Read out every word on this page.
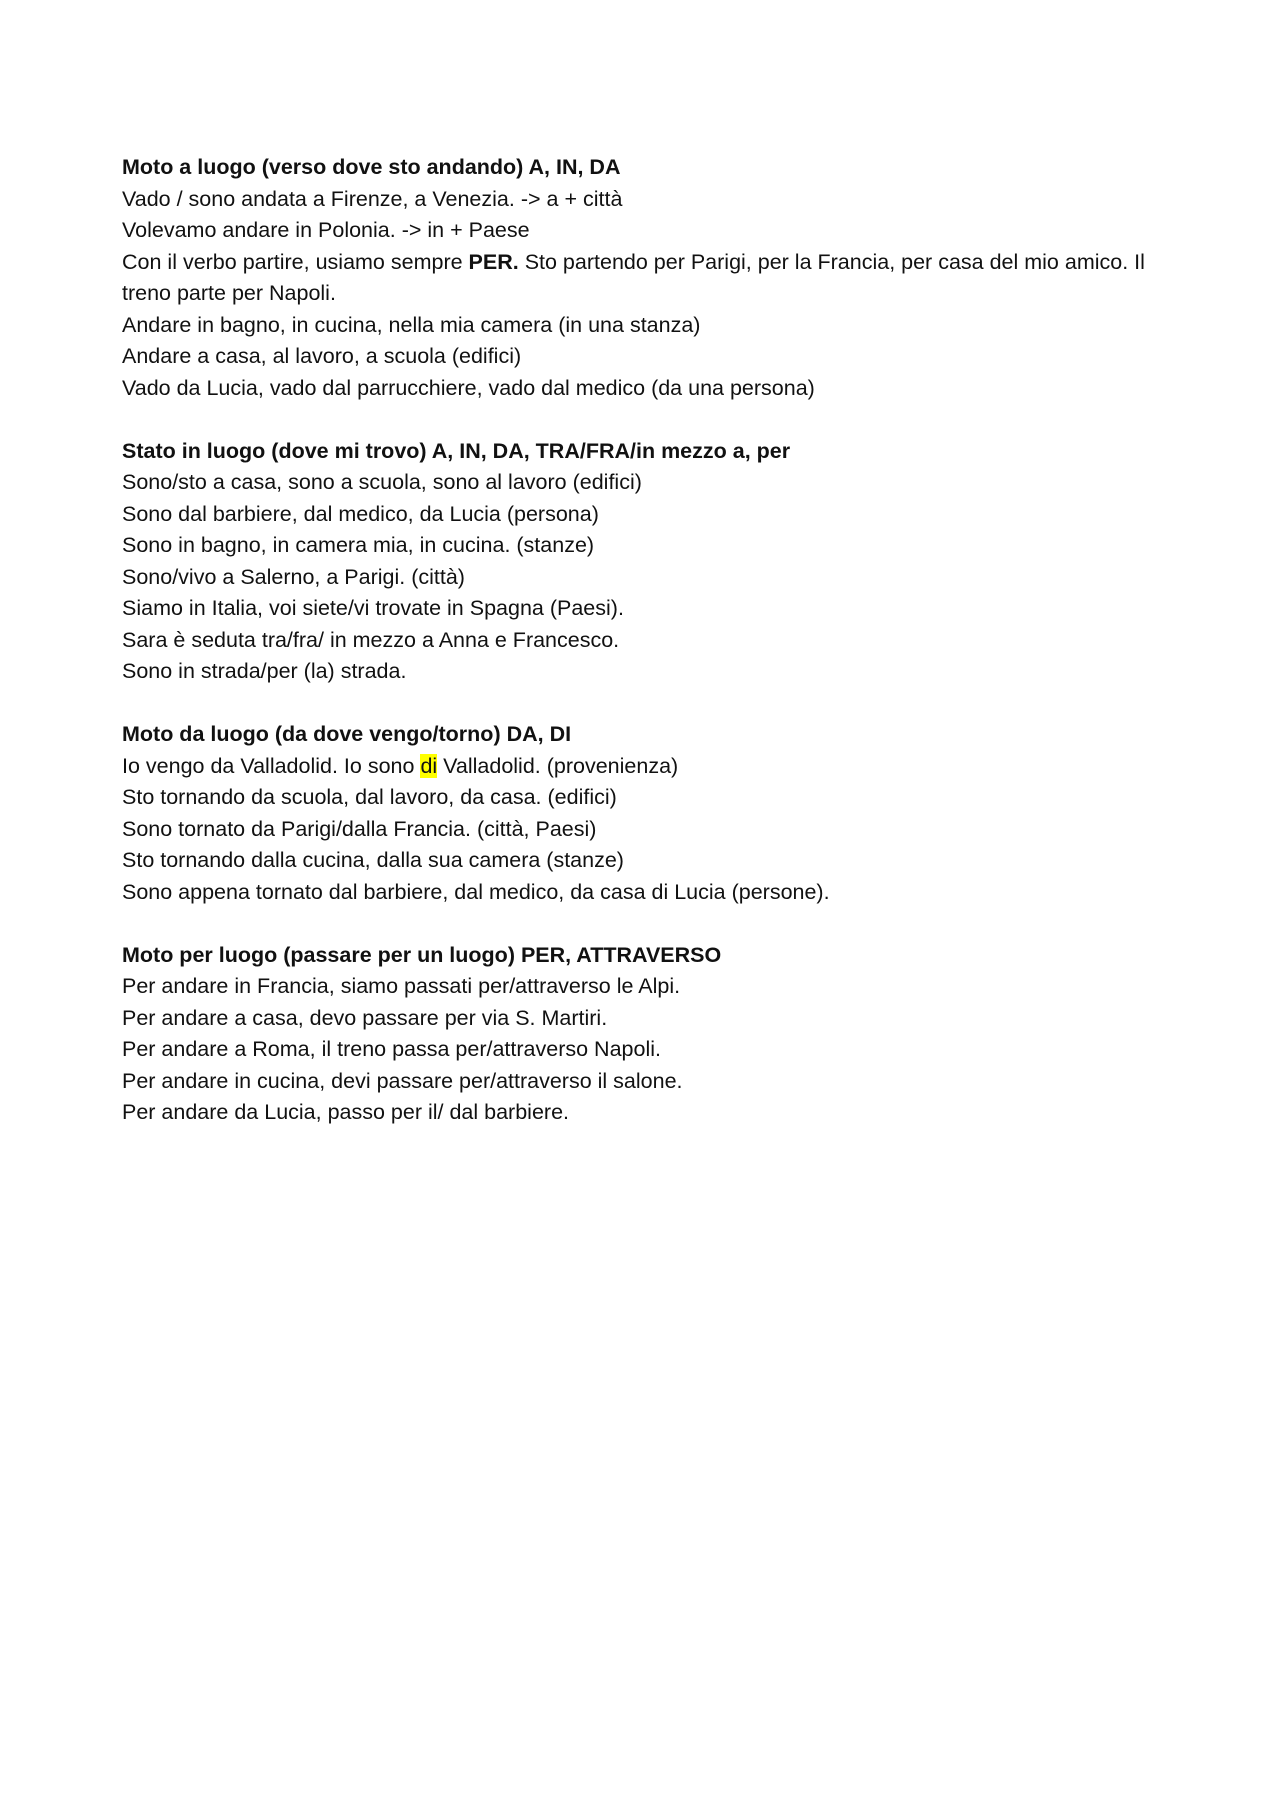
Moto a luogo (verso dove sto andando) A, IN, DA

Vado / sono andata a Firenze, a Venezia. -> a + città

Volevamo andare in Polonia. -> in + Paese

Con il verbo partire, usiamo sempre PER. Sto partendo per Parigi, per la Francia, per casa del mio amico. Il treno parte per Napoli.

Andare in bagno, in cucina, nella mia camera (in una stanza)

Andare a casa, al lavoro, a scuola (edifici)

Vado da Lucia, vado dal parrucchiere, vado dal medico (da una persona)

Stato in luogo (dove mi trovo) A, IN, DA, TRA/FRA/in mezzo a, per

Sono/sto a casa, sono a scuola, sono al lavoro (edifici)

Sono dal barbiere, dal medico, da Lucia (persona)

Sono in bagno, in camera mia, in cucina. (stanze)

Sono/vivo a Salerno, a Parigi. (città)

Siamo in Italia, voi siete/vi trovate in Spagna (Paesi).

Sara è seduta tra/fra/ in mezzo a Anna e Francesco.

Sono in strada/per (la) strada.

Moto da luogo (da dove vengo/torno) DA, DI

Io vengo da Valladolid. Io sono di Valladolid. (provenienza)

Sto tornando da scuola, dal lavoro, da casa. (edifici)

Sono tornato da Parigi/dalla Francia. (città, Paesi)

Sto tornando dalla cucina, dalla sua camera (stanze)

Sono appena tornato dal barbiere, dal medico, da casa di Lucia (persone).

Moto per luogo (passare per un luogo) PER, ATTRAVERSO

Per andare in Francia, siamo passati per/attraverso le Alpi.

Per andare a casa, devo passare per via S. Martiri.

Per andare a Roma, il treno passa per/attraverso Napoli.

Per andare in cucina, devi passare per/attraverso il salone.

Per andare da Lucia, passo per il/ dal barbiere.
